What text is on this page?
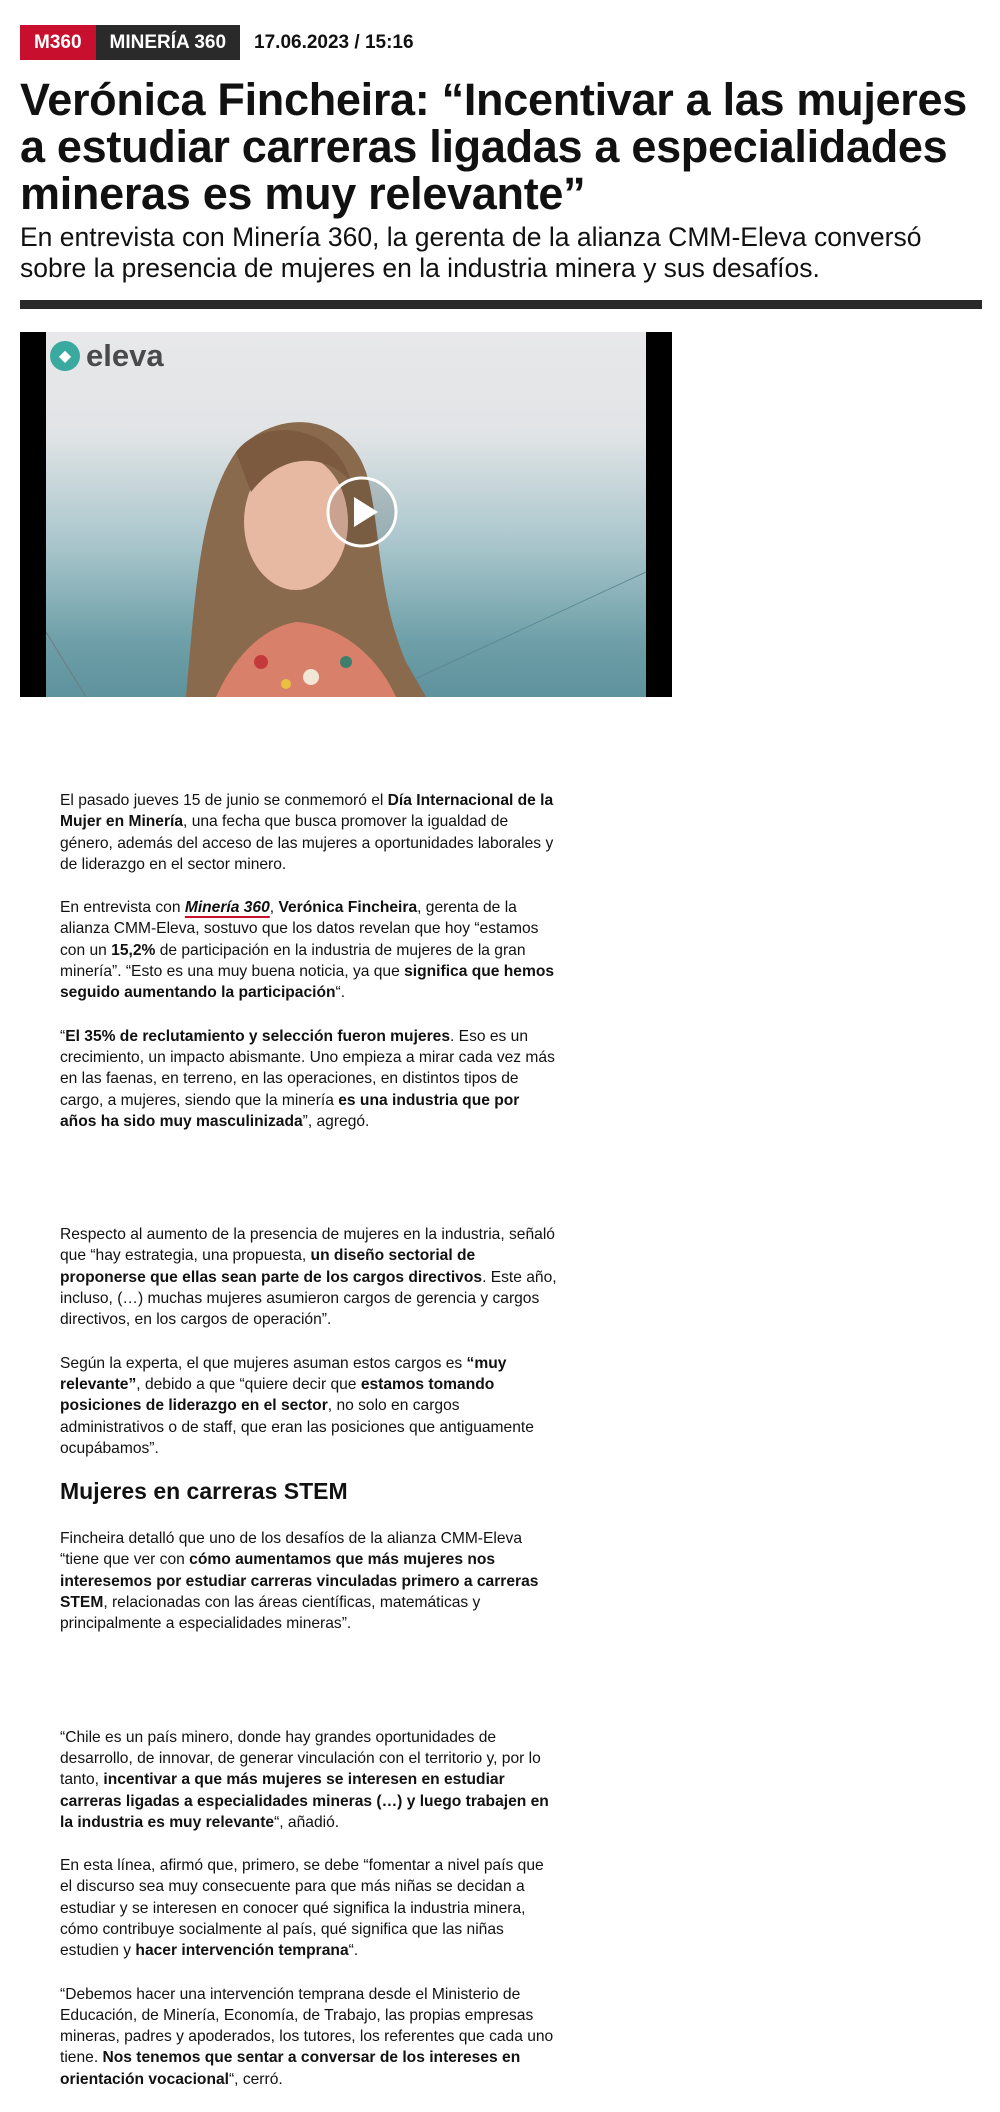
M360	MINERÍA 360	17.06.2023 / 15:16
Verónica Fincheira: “Incentivar a las mujeres a estudiar carreras ligadas a especialidades mineras es muy relevante”

En entrevista con Minería 360, la gerenta de la alianza CMM-Eleva conversó sobre la presencia de mujeres en la industria minera y sus desafíos.

◆ eleva

El pasado jueves 15 de junio se conmemoró el Día Internacional de la Mujer en Minería, una fecha que busca promover la igualdad de género, además del acceso de las mujeres a oportunidades laborales y de liderazgo en el sector minero.

En entrevista con Minería 360, Verónica Fincheira, gerenta de la alianza CMM-Eleva, sostuvo que los datos revelan que hoy “estamos con un 15,2% de participación en la industria de mujeres de la gran minería”. “Esto es una muy buena noticia, ya que significa que hemos seguido aumentando la participación“.

“El 35% de reclutamiento y selección fueron mujeres. Eso es un crecimiento, un impacto abismante. Uno empieza a mirar cada vez más en las faenas, en terreno, en las operaciones, en distintos tipos de cargo, a mujeres, siendo que la minería es una industria que por años ha sido muy masculinizada”, agregó.

Respecto al aumento de la presencia de mujeres en la industria, señaló que “hay estrategia, una propuesta, un diseño sectorial de proponerse que ellas sean parte de los cargos directivos. Este año, incluso, (…) muchas mujeres asumieron cargos de gerencia y cargos directivos, en los cargos de operación”.

Según la experta, el que mujeres asuman estos cargos es “muy relevante”, debido a que “quiere decir que estamos tomando posiciones de liderazgo en el sector, no solo en cargos administrativos o de staff, que eran las posiciones que antiguamente ocupábamos”.

Mujeres en carreras STEM

Fincheira detalló que uno de los desafíos de la alianza CMM-Eleva “tiene que ver con cómo aumentamos que más mujeres nos interesemos por estudiar carreras vinculadas primero a carreras STEM, relacionadas con las áreas científicas, matemáticas y principalmente a especialidades mineras”.

“Chile es un país minero, donde hay grandes oportunidades de desarrollo, de innovar, de generar vinculación con el territorio y, por lo tanto, incentivar a que más mujeres se interesen en estudiar carreras ligadas a especialidades mineras (…) y luego trabajen en la industria es muy relevante“, añadió.

En esta línea, afirmó que, primero, se debe “fomentar a nivel país que el discurso sea muy consecuente para que más niñas se decidan a estudiar y se interesen en conocer qué significa la industria minera, cómo contribuye socialmente al país, qué significa que las niñas estudien y hacer intervención temprana“.

“Debemos hacer una intervención temprana desde el Ministerio de Educación, de Minería, Economía, de Trabajo, las propias empresas mineras, padres y apoderados, los tutores, los referentes que cada uno tiene. Nos tenemos que sentar a conversar de los intereses en orientación vocacional“, cerró.
